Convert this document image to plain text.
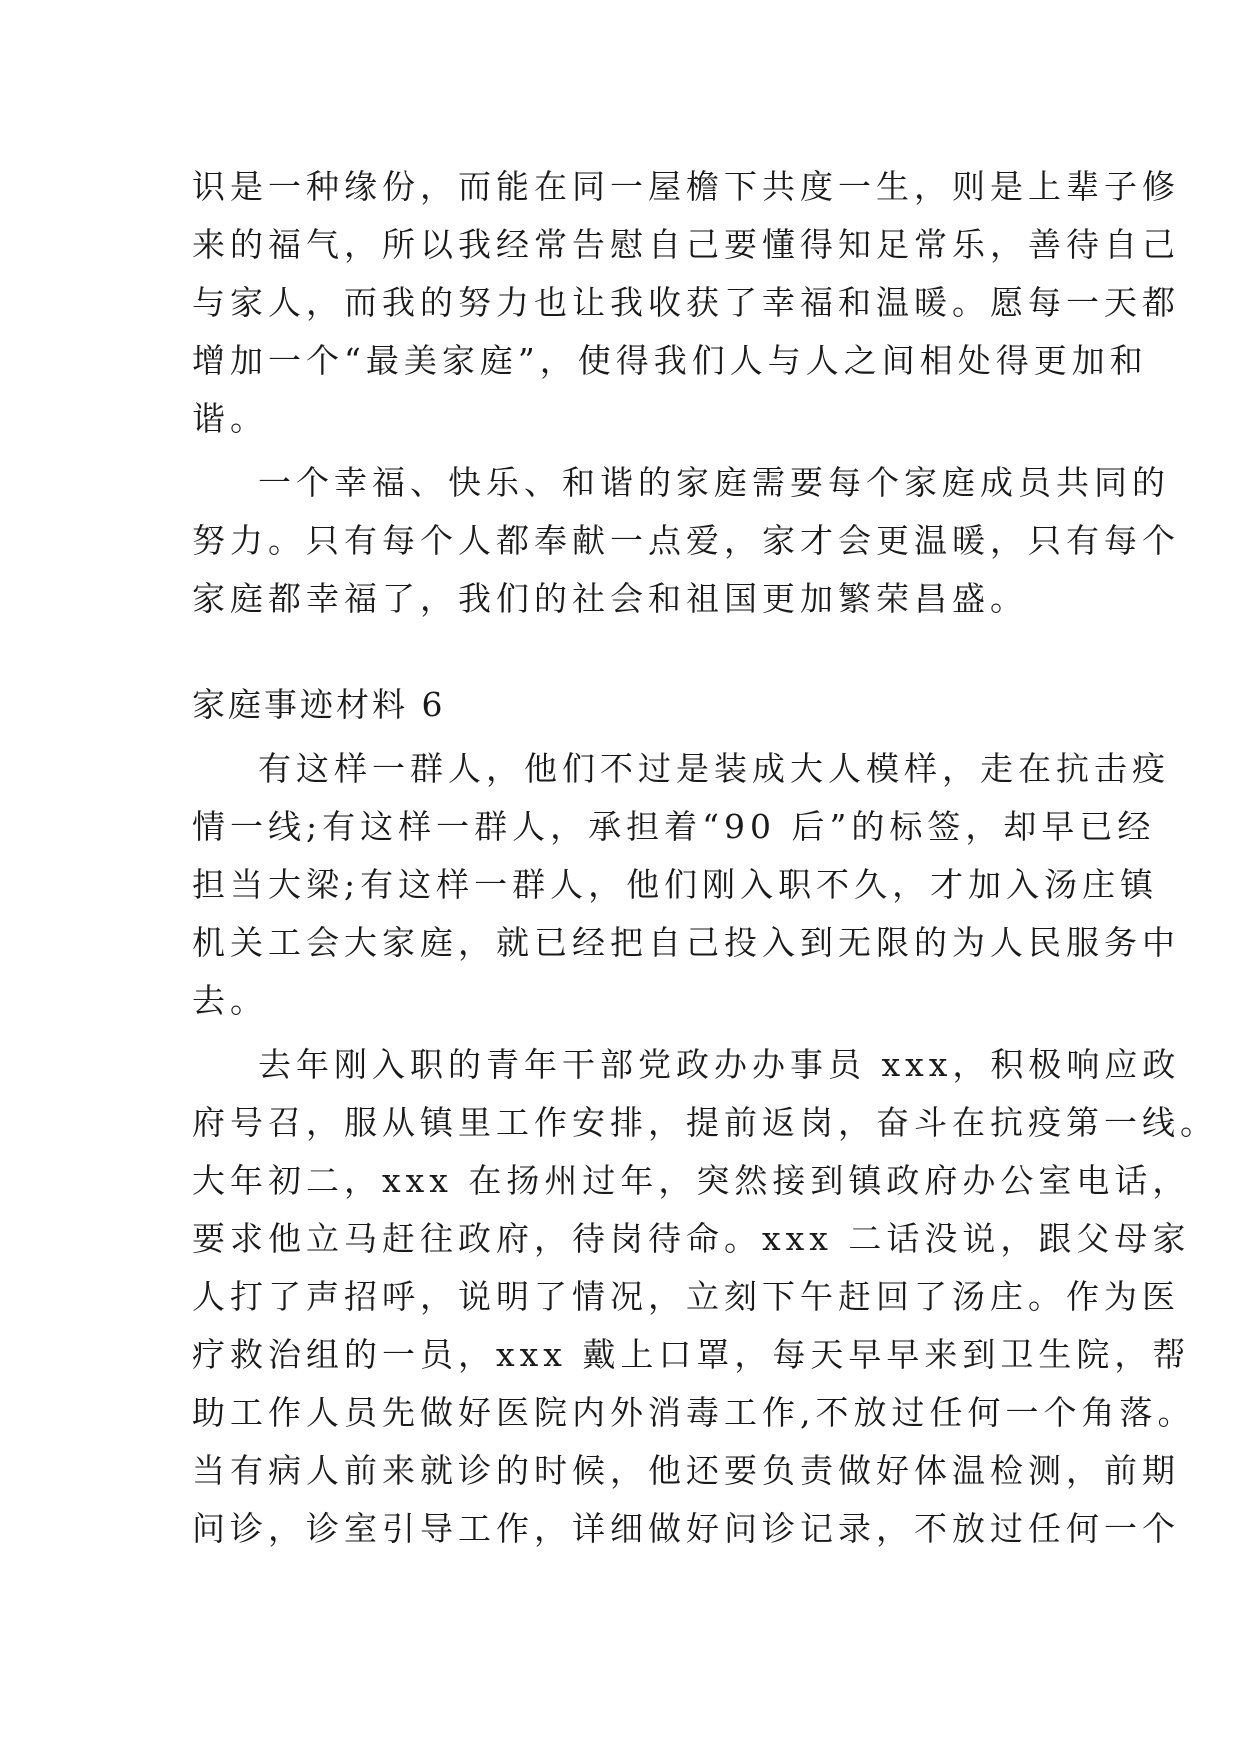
识是一种缘份，而能在同一屋檐下共度一生，则是上辈子修
来的福气，所以我经常告慰自己要懂得知足常乐，善待自己
与家人，而我的努力也让我收获了幸福和温暖。愿每一天都
增加一个“最美家庭”，使得我们人与人之间相处得更加和
谐。
一个幸福、快乐、和谐的家庭需要每个家庭成员共同的
努力。只有每个人都奉献一点爱，家才会更温暖，只有每个
家庭都幸福了，我们的社会和祖国更加繁荣昌盛。
家庭事迹材料 6
有这样一群人，他们不过是装成大人模样，走在抗击疫
情一线;有这样一群人，承担着“90 后”的标签，却早已经
担当大梁;有这样一群人，他们刚入职不久，才加入汤庄镇
机关工会大家庭，就已经把自己投入到无限的为人民服务中
去。
去年刚入职的青年干部党政办办事员 xxx，积极响应政
府号召，服从镇里工作安排，提前返岗，奋斗在抗疫第一线。
大年初二，xxx 在扬州过年，突然接到镇政府办公室电话，
要求他立马赶往政府，待岗待命。xxx 二话没说，跟父母家
人打了声招呼，说明了情况，立刻下午赶回了汤庄。作为医
疗救治组的一员，xxx 戴上口罩，每天早早来到卫生院，帮
助工作人员先做好医院内外消毒工作,不放过任何一个角落。
当有病人前来就诊的时候，他还要负责做好体温检测，前期
问诊，诊室引导工作，详细做好问诊记录，不放过任何一个
